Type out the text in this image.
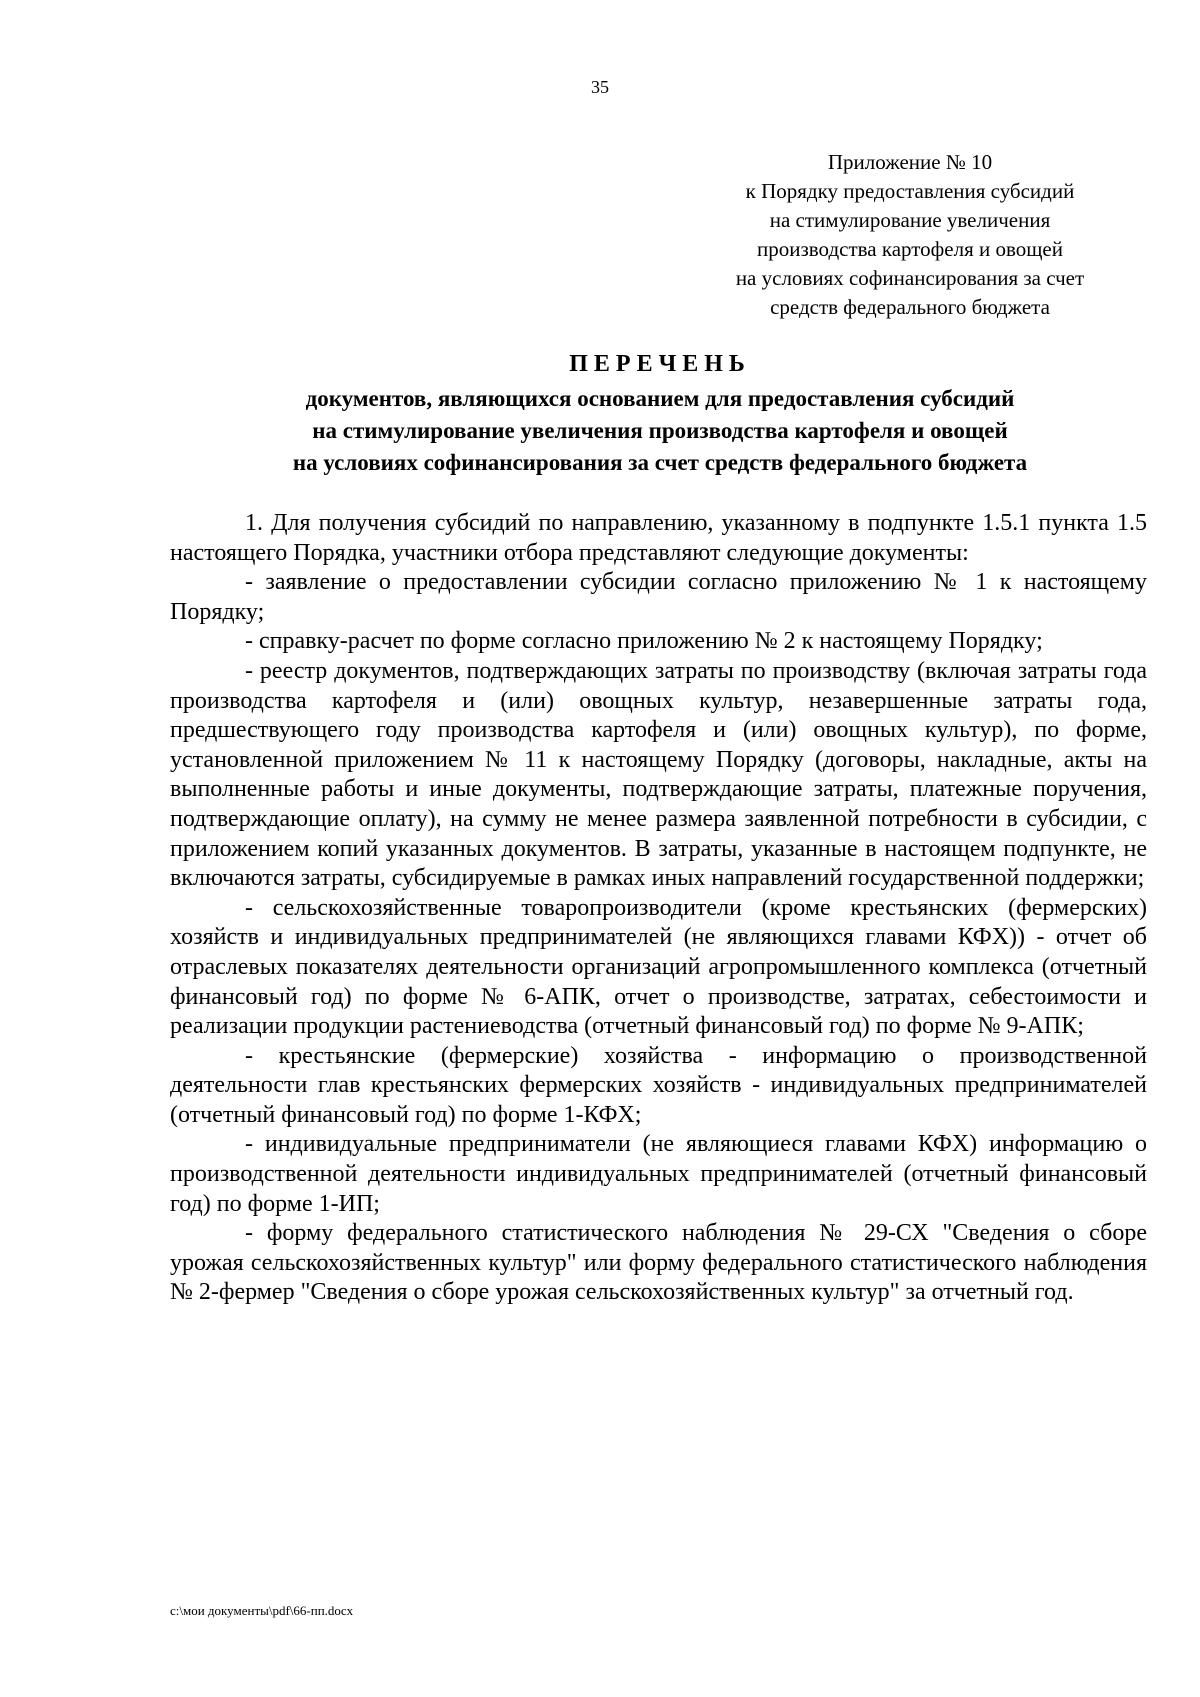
35
Приложение № 10
к Порядку предоставления субсидий
на стимулирование увеличения
производства картофеля и овощей
на условиях софинансирования за счет
средств федерального бюджета
ПЕРЕЧЕНЬ
документов, являющихся основанием для предоставления субсидий
на стимулирование увеличения производства картофеля и овощей
на условиях софинансирования за счет средств федерального бюджета

1. Для получения субсидий по направлению, указанному в подпункте 1.5.1 пункта 1.5 настоящего Порядка, участники отбора представляют следующие документы:

- заявление о предоставлении субсидии согласно приложению № 1 к настоящему Порядку;

- справку-расчет по форме согласно приложению № 2 к настоящему Порядку;

- реестр документов, подтверждающих затраты по производству (включая затраты года производства картофеля и (или) овощных культур, незавершенные затраты года, предшествующего году производства картофеля и (или) овощных культур), по форме, установленной приложением № 11 к настоящему Порядку (договоры, накладные, акты на выполненные работы и иные документы, подтверждающие затраты, платежные поручения, подтверждающие оплату), на сумму не менее размера заявленной потребности в субсидии, с приложением копий указанных документов. В затраты, указанные в настоящем подпункте, не включаются затраты, субсидируемые в рамках иных направлений государственной поддержки;

- сельскохозяйственные товаропроизводители (кроме крестьянских (фермерских) хозяйств и индивидуальных предпринимателей (не являющихся главами КФХ)) - отчет об отраслевых показателях деятельности организаций агропромышленного комплекса (отчетный финансовый год) по форме № 6-АПК, отчет о производстве, затратах, себестоимости и реализации продукции растениеводства (отчетный финансовый год) по форме № 9-АПК;

- крестьянские (фермерские) хозяйства - информацию о производственной деятельности глав крестьянских фермерских хозяйств - индивидуальных предпринимателей (отчетный финансовый год) по форме 1-КФХ;

- индивидуальные предприниматели (не являющиеся главами КФХ) информацию о производственной деятельности индивидуальных предпринимателей (отчетный финансовый год) по форме 1-ИП;

- форму федерального статистического наблюдения № 29-СХ "Сведения о сборе урожая сельскохозяйственных культур" или форму федерального статистического наблюдения № 2-фермер "Сведения о сборе урожая сельскохозяйственных культур" за отчетный год.

c:\мои документы\pdf\66-пп.docx
